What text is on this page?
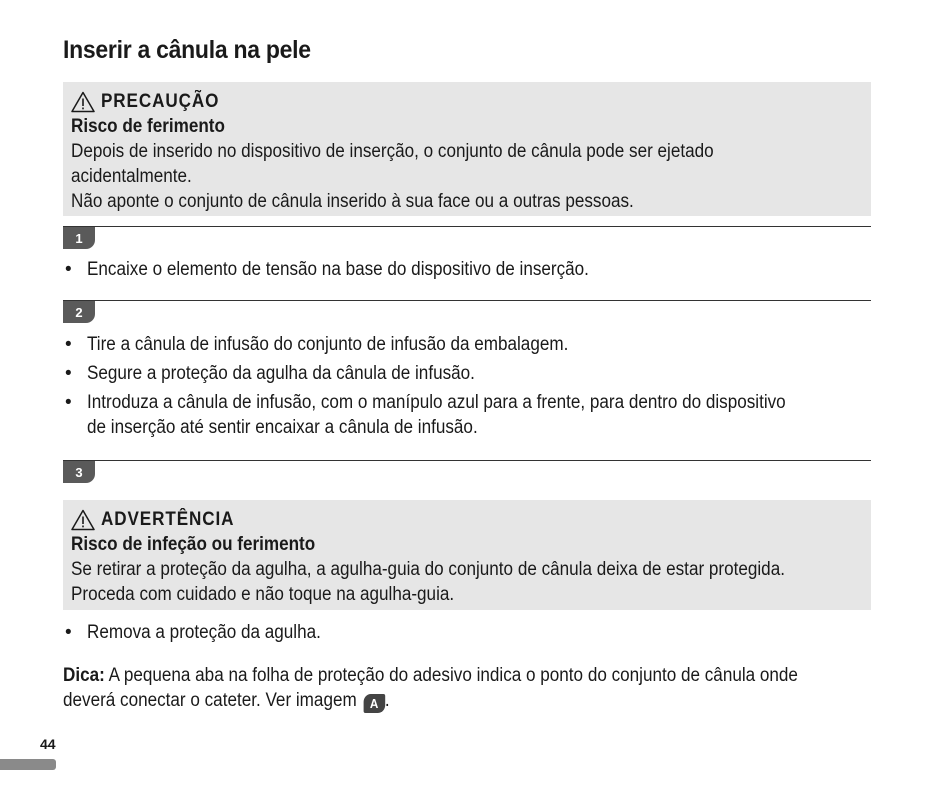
Inserir a cânula na pele
PRECAUÇÃO
Risco de ferimento
Depois de inserido no dispositivo de inserção, o conjunto de cânula pode ser ejetado
acidentalmente.
Não aponte o conjunto de cânula inserido à sua face ou a outras pessoas.
1
• Encaixe o elemento de tensão na base do dispositivo de inserção.
2
• Tire a cânula de infusão do conjunto de infusão da embalagem.
• Segure a proteção da agulha da cânula de infusão.
• Introduza a cânula de infusão, com o manípulo azul para a frente, para dentro do dispositivo
de inserção até sentir encaixar a cânula de infusão.
3
ADVERTÊNCIA
Risco de infeção ou ferimento
Se retirar a proteção da agulha, a agulha-guia do conjunto de cânula deixa de estar protegida.
Proceda com cuidado e não toque na agulha-guia.
• Remova a proteção da agulha.
Dica: A pequena aba na folha de proteção do adesivo indica o ponto do conjunto de cânula onde
deverá conectar o cateter. Ver imagem A .
44
